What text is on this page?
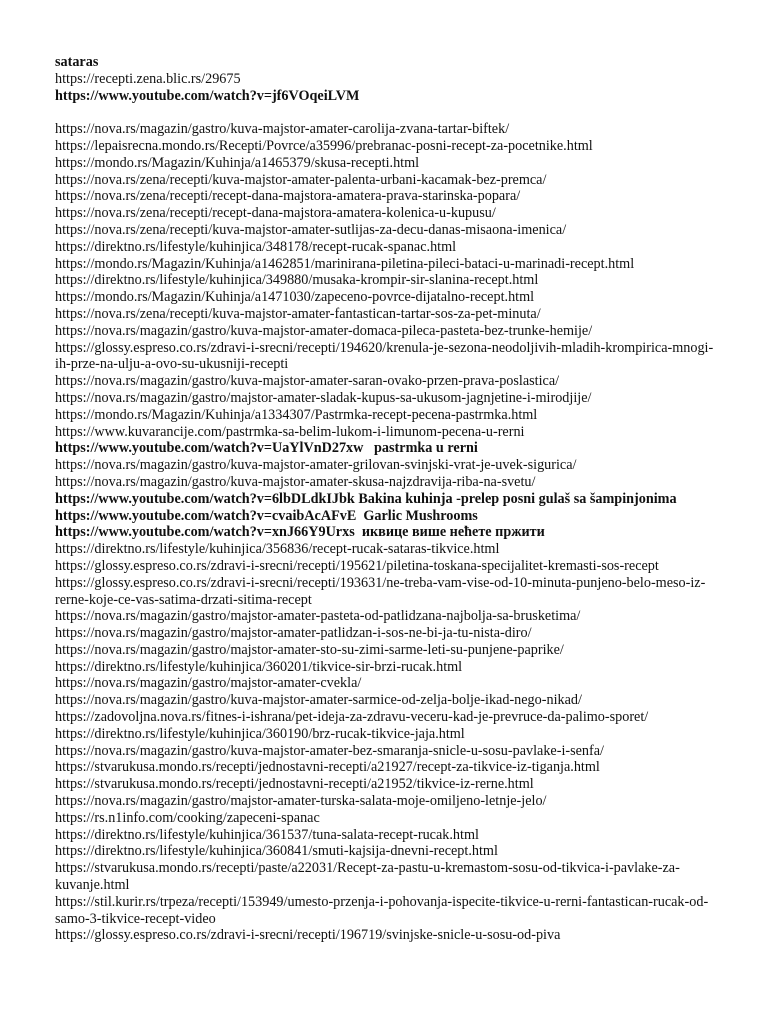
sataras
https://recepti.zena.blic.rs/29675
https://www.youtube.com/watch?v=jf6VOqeiLVM
https://nova.rs/magazin/gastro/kuva-majstor-amater-carolija-zvana-tartar-biftek/
https://lepaisrecna.mondo.rs/Recepti/Povrce/a35996/prebranac-posni-recept-za-pocetnike.html
https://mondo.rs/Magazin/Kuhinja/a1465379/skusa-recepti.html
https://nova.rs/zena/recepti/kuva-majstor-amater-palenta-urbani-kacamak-bez-premca/
https://nova.rs/zena/recepti/recept-dana-majstora-amatera-prava-starinska-popara/
https://nova.rs/zena/recepti/recept-dana-majstora-amatera-kolenica-u-kupusu/
https://nova.rs/zena/recepti/kuva-majstor-amater-sutlijas-za-decu-danas-misaona-imenica/
https://direktno.rs/lifestyle/kuhinjica/348178/recept-rucak-spanac.html
https://mondo.rs/Magazin/Kuhinja/a1462851/marinirana-piletina-pileci-bataci-u-marinadi-recept.html
https://direktno.rs/lifestyle/kuhinjica/349880/musaka-krompir-sir-slanina-recept.html
https://mondo.rs/Magazin/Kuhinja/a1471030/zapeceno-povrce-dijatalno-recept.html
https://nova.rs/zena/recepti/kuva-majstor-amater-fantastican-tartar-sos-za-pet-minuta/
https://nova.rs/magazin/gastro/kuva-majstor-amater-domaca-pileca-pasteta-bez-trunke-hemije/
https://glossy.espreso.co.rs/zdravi-i-srecni/recepti/194620/krenula-je-sezona-neodoljivih-mladih-krompirica-mnogi-ih-prze-na-ulju-a-ovo-su-ukusniji-recepti
https://nova.rs/magazin/gastro/kuva-majstor-amater-saran-ovako-przen-prava-poslastica/
https://nova.rs/magazin/gastro/majstor-amater-sladak-kupus-sa-ukusom-jagnjetine-i-mirodjije/
https://mondo.rs/Magazin/Kuhinja/a1334307/Pastrmka-recept-pecena-pastrmka.html
https://www.kuvarancije.com/pastrmka-sa-belim-lukom-i-limunom-pecena-u-rerni
https://www.youtube.com/watch?v=UaYlVnD27xw   pastrmka u rerni
https://nova.rs/magazin/gastro/kuva-majstor-amater-grilovan-svinjski-vrat-je-uvek-sigurica/
https://nova.rs/magazin/gastro/kuva-majstor-amater-skusa-najzdravija-riba-na-svetu/
https://www.youtube.com/watch?v=6lbDLdkIJbk Bakina kuhinja -prelep posni gulaš sa šampinjonima
https://www.youtube.com/watch?v=cvaibAcAFvE  Garlic Mushrooms
https://www.youtube.com/watch?v=xnJ66Y9Urxs  иквице више нећете пржити
https://direktno.rs/lifestyle/kuhinjica/356836/recept-rucak-sataras-tikvice.html
https://glossy.espreso.co.rs/zdravi-i-srecni/recepti/195621/piletina-toskana-specijalitet-kremasti-sos-recept
https://glossy.espreso.co.rs/zdravi-i-srecni/recepti/193631/ne-treba-vam-vise-od-10-minuta-punjeno-belo-meso-iz-rerne-koje-ce-vas-satima-drzati-sitima-recept
https://nova.rs/magazin/gastro/majstor-amater-pasteta-od-patlidzana-najbolja-sa-brusketima/
https://nova.rs/magazin/gastro/majstor-amater-patlidzan-i-sos-ne-bi-ja-tu-nista-diro/
https://nova.rs/magazin/gastro/majstor-amater-sto-su-zimi-sarme-leti-su-punjene-paprike/
https://direktno.rs/lifestyle/kuhinjica/360201/tikvice-sir-brzi-rucak.html
https://nova.rs/magazin/gastro/majstor-amater-cvekla/
https://nova.rs/magazin/gastro/kuva-majstor-amater-sarmice-od-zelja-bolje-ikad-nego-nikad/
https://zadovoljna.nova.rs/fitnes-i-ishrana/pet-ideja-za-zdravu-veceru-kad-je-prevruce-da-palimo-sporet/
https://direktno.rs/lifestyle/kuhinjica/360190/brz-rucak-tikvice-jaja.html
https://nova.rs/magazin/gastro/kuva-majstor-amater-bez-smaranja-snicle-u-sosu-pavlake-i-senfa/
https://stvarukusa.mondo.rs/recepti/jednostavni-recepti/a21927/recept-za-tikvice-iz-tiganja.html
https://stvarukusa.mondo.rs/recepti/jednostavni-recepti/a21952/tikvice-iz-rerne.html
https://nova.rs/magazin/gastro/majstor-amater-turska-salata-moje-omiljeno-letnje-jelo/
https://rs.n1info.com/cooking/zapeceni-spanac
https://direktno.rs/lifestyle/kuhinjica/361537/tuna-salata-recept-rucak.html
https://direktno.rs/lifestyle/kuhinjica/360841/smuti-kajsija-dnevni-recept.html
https://stvarukusa.mondo.rs/recepti/paste/a22031/Recept-za-pastu-u-kremastom-sosu-od-tikvica-i-pavlake-za-kuvanje.html
https://stil.kurir.rs/trpeza/recepti/153949/umesto-przenja-i-pohovanja-ispecite-tikvice-u-rerni-fantastican-rucak-od-samo-3-tikvice-recept-video
https://glossy.espreso.co.rs/zdravi-i-srecni/recepti/196719/svinjske-snicle-u-sosu-od-piva
